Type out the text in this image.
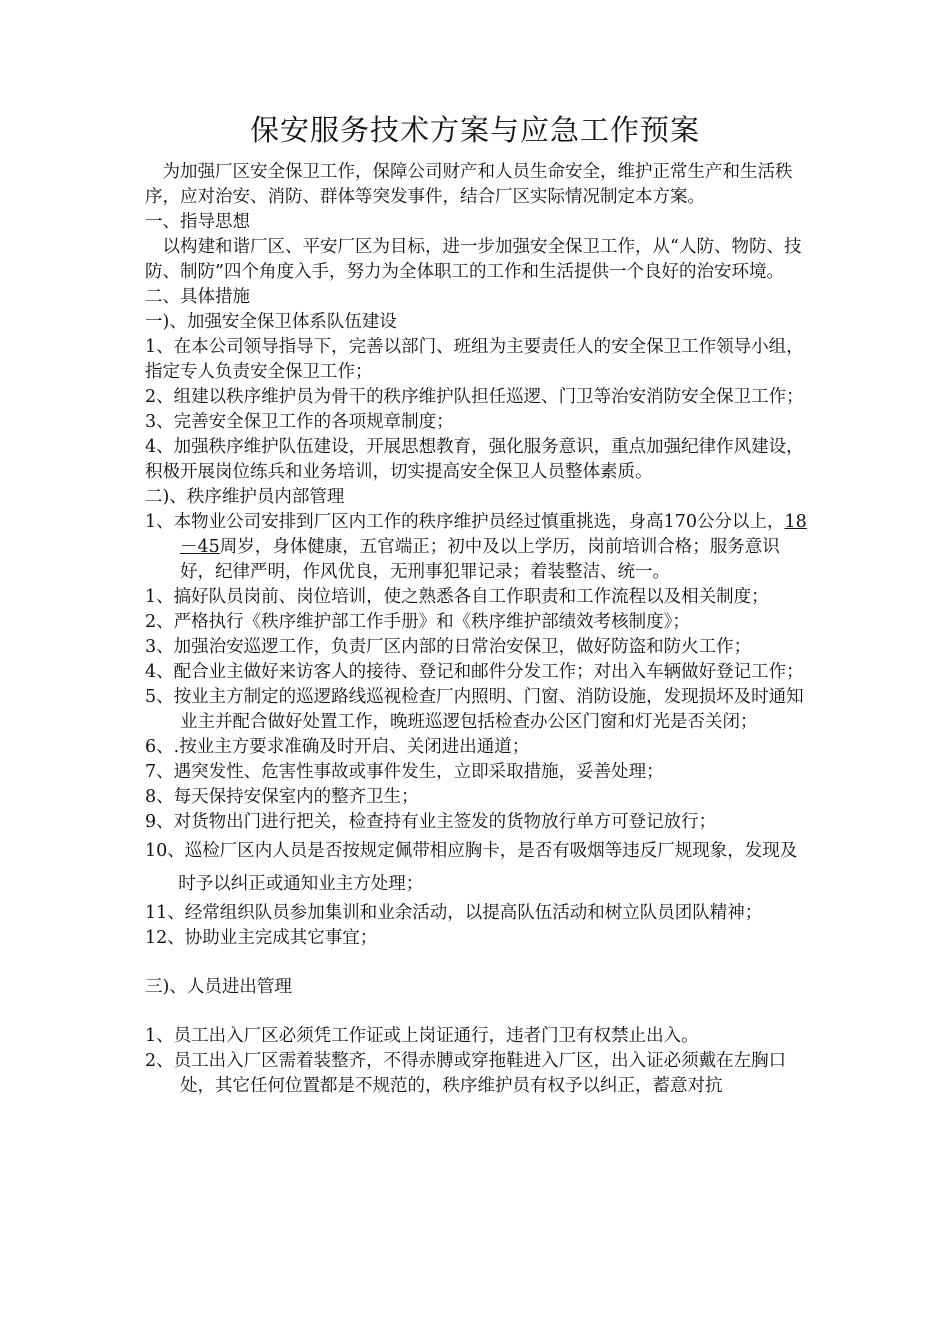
保安服务技术方案与应急工作预案

为加强厂区安全保卫工作，保障公司财产和人员生命安全，维护正常生产和生活秩序，应对治安、消防、群体等突发事件，结合厂区实际情况制定本方案。

一、指导思想

以构建和谐厂区、平安厂区为目标，进一步加强安全保卫工作，从“人防、物防、技防、制防”四个角度入手，努力为全体职工的工作和生活提供一个良好的治安环境。

二、具体措施

一)、加强安全保卫体系队伍建设

1、在本公司领导指导下，完善以部门、班组为主要责任人的安全保卫工作领导小组，指定专人负责安全保卫工作；

2、组建以秩序维护员为骨干的秩序维护队担任巡逻、门卫等治安消防安全保卫工作；

3、完善安全保卫工作的各项规章制度；

4、加强秩序维护队伍建设，开展思想教育，强化服务意识，重点加强纪律作风建设，积极开展岗位练兵和业务培训，切实提高安全保卫人员整体素质。

二)、秩序维护员内部管理

1、本物业公司安排到厂区内工作的秩序维护员经过慎重挑选，身高170公分以上，18－45周岁，身体健康，五官端正；初中及以上学历，岗前培训合格；服务意识好，纪律严明，作风优良，无刑事犯罪记录；着装整洁、统一。

1、搞好队员岗前、岗位培训，使之熟悉各自工作职责和工作流程以及相关制度；

2、严格执行《秩序维护部工作手册》和《秩序维护部绩效考核制度》；

3、加强治安巡逻工作，负责厂区内部的日常治安保卫，做好防盗和防火工作；

4、配合业主做好来访客人的接待、登记和邮件分发工作；对出入车辆做好登记工作；

5、按业主方制定的巡逻路线巡视检查厂内照明、门窗、消防设施，发现损坏及时通知业主并配合做好处置工作，晚班巡逻包括检查办公区门窗和灯光是否关闭；

6、.按业主方要求准确及时开启、关闭进出通道；

7、遇突发性、危害性事故或事件发生，立即采取措施，妥善处理；

8、每天保持安保室内的整齐卫生；

9、对货物出门进行把关，检查持有业主签发的货物放行单方可登记放行；

10、巡检厂区内人员是否按规定佩带相应胸卡，是否有吸烟等违反厂规现象，发现及时予以纠正或通知业主方处理；

11、经常组织队员参加集训和业余活动，以提高队伍活动和树立队员团队精神；

12、协助业主完成其它事宜；

三)、人员进出管理

1、员工出入厂区必须凭工作证或上岗证通行，违者门卫有权禁止出入。

2、员工出入厂区需着装整齐，不得赤膊或穿拖鞋进入厂区，出入证必须戴在左胸口处，其它任何位置都是不规范的，秩序维护员有权予以纠正，蓄意对抗
